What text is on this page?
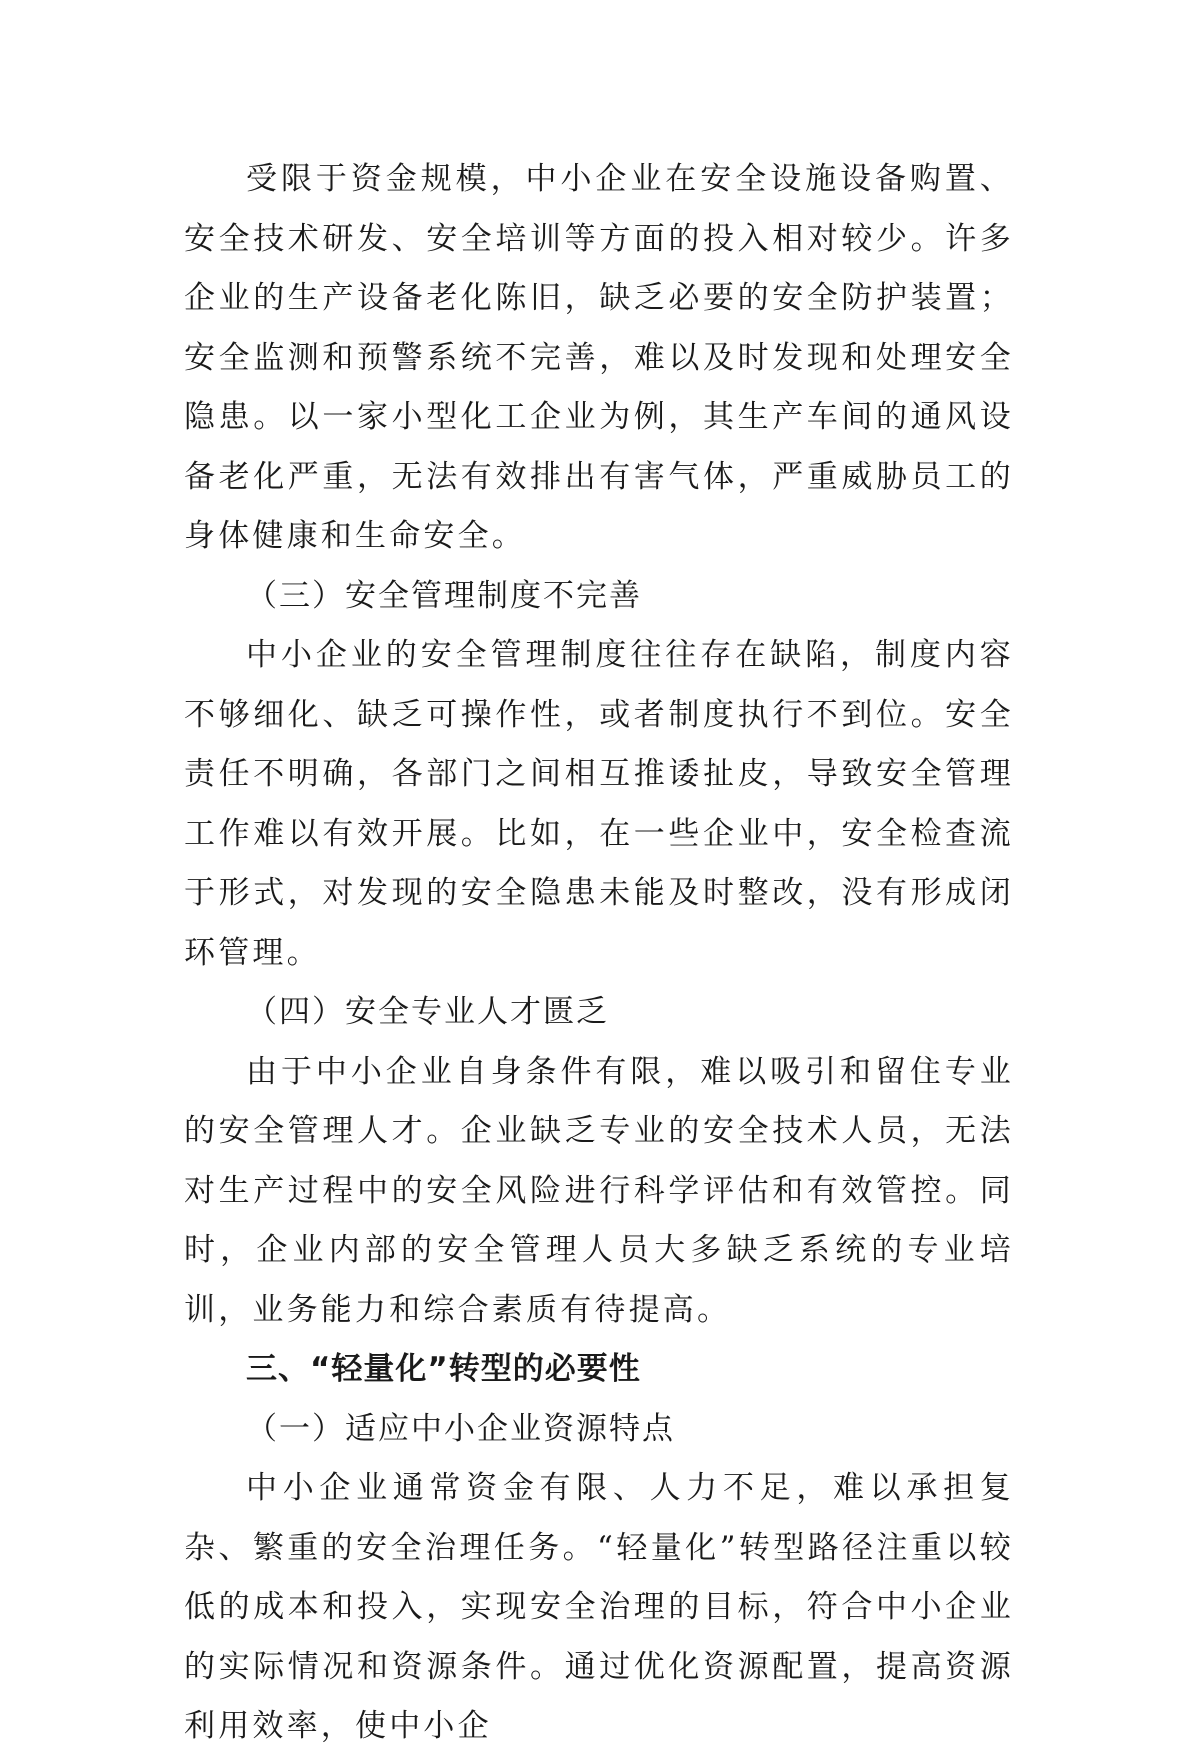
受限于资金规模，中小企业在安全设施设备购置、安全技术研发、安全培训等方面的投入相对较少。许多企业的生产设备老化陈旧，缺乏必要的安全防护装置；安全监测和预警系统不完善，难以及时发现和处理安全隐患。以一家小型化工企业为例，其生产车间的通风设备老化严重，无法有效排出有害气体，严重威胁员工的身体健康和生命安全。

（三）安全管理制度不完善

中小企业的安全管理制度往往存在缺陷，制度内容不够细化、缺乏可操作性，或者制度执行不到位。安全责任不明确，各部门之间相互推诿扯皮，导致安全管理工作难以有效开展。比如，在一些企业中，安全检查流于形式，对发现的安全隐患未能及时整改，没有形成闭环管理。

（四）安全专业人才匮乏

由于中小企业自身条件有限，难以吸引和留住专业的安全管理人才。企业缺乏专业的安全技术人员，无法对生产过程中的安全风险进行科学评估和有效管控。同时，企业内部的安全管理人员大多缺乏系统的专业培训，业务能力和综合素质有待提高。

三、“轻量化”转型的必要性

（一）适应中小企业资源特点

中小企业通常资金有限、人力不足，难以承担复杂、繁重的安全治理任务。“轻量化”转型路径注重以较低的成本和投入，实现安全治理的目标，符合中小企业的实际情况和资源条件。通过优化资源配置，提高资源利用效率，使中小企
